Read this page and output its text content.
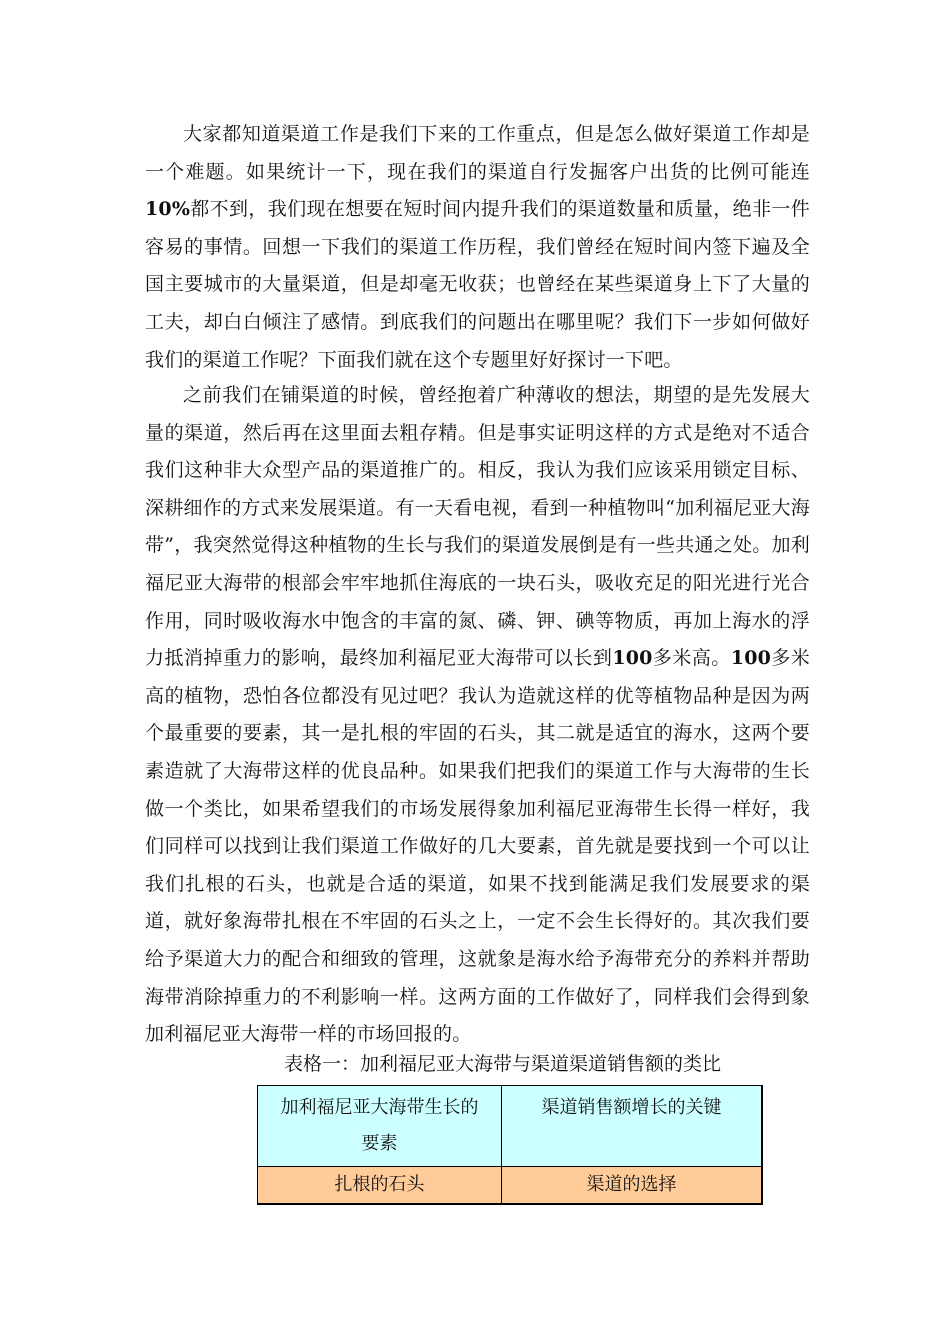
大家都知道渠道工作是我们下来的工作重点，但是怎么做好渠道工作却是一个难题。如果统计一下，现在我们的渠道自行发掘客户出货的比例可能连10%都不到，我们现在想要在短时间内提升我们的渠道数量和质量，绝非一件容易的事情。回想一下我们的渠道工作历程，我们曾经在短时间内签下遍及全国主要城市的大量渠道，但是却毫无收获；也曾经在某些渠道身上下了大量的工夫，却白白倾注了感情。到底我们的问题出在哪里呢？我们下一步如何做好我们的渠道工作呢？下面我们就在这个专题里好好探讨一下吧。

之前我们在铺渠道的时候，曾经抱着广种薄收的想法，期望的是先发展大量的渠道，然后再在这里面去粗存精。但是事实证明这样的方式是绝对不适合我们这种非大众型产品的渠道推广的。相反，我认为我们应该采用锁定目标、深耕细作的方式来发展渠道。有一天看电视，看到一种植物叫“加利福尼亚大海带”，我突然觉得这种植物的生长与我们的渠道发展倒是有一些共通之处。加利福尼亚大海带的根部会牢牢地抓住海底的一块石头，吸收充足的阳光进行光合作用，同时吸收海水中饱含的丰富的氮、磷、钾、碘等物质，再加上海水的浮力抵消掉重力的影响，最终加利福尼亚大海带可以长到100多米高。100多米高的植物，恐怕各位都没有见过吧？我认为造就这样的优等植物品种是因为两个最重要的要素，其一是扎根的牢固的石头，其二就是适宜的海水，这两个要素造就了大海带这样的优良品种。如果我们把我们的渠道工作与大海带的生长做一个类比，如果希望我们的市场发展得象加利福尼亚海带生长得一样好，我们同样可以找到让我们渠道工作做好的几大要素，首先就是要找到一个可以让我们扎根的石头，也就是合适的渠道，如果不找到能满足我们发展要求的渠道，就好象海带扎根在不牢固的石头之上，一定不会生长得好的。其次我们要给予渠道大力的配合和细致的管理，这就象是海水给予海带充分的养料并帮助海带消除掉重力的不利影响一样。这两方面的工作做好了，同样我们会得到象加利福尼亚大海带一样的市场回报的。

表格一：加利福尼亚大海带与渠道渠道销售额的类比
加利福尼亚大海带生长的要素	渠道销售额增长的关键
扎根的石头	渠道的选择
